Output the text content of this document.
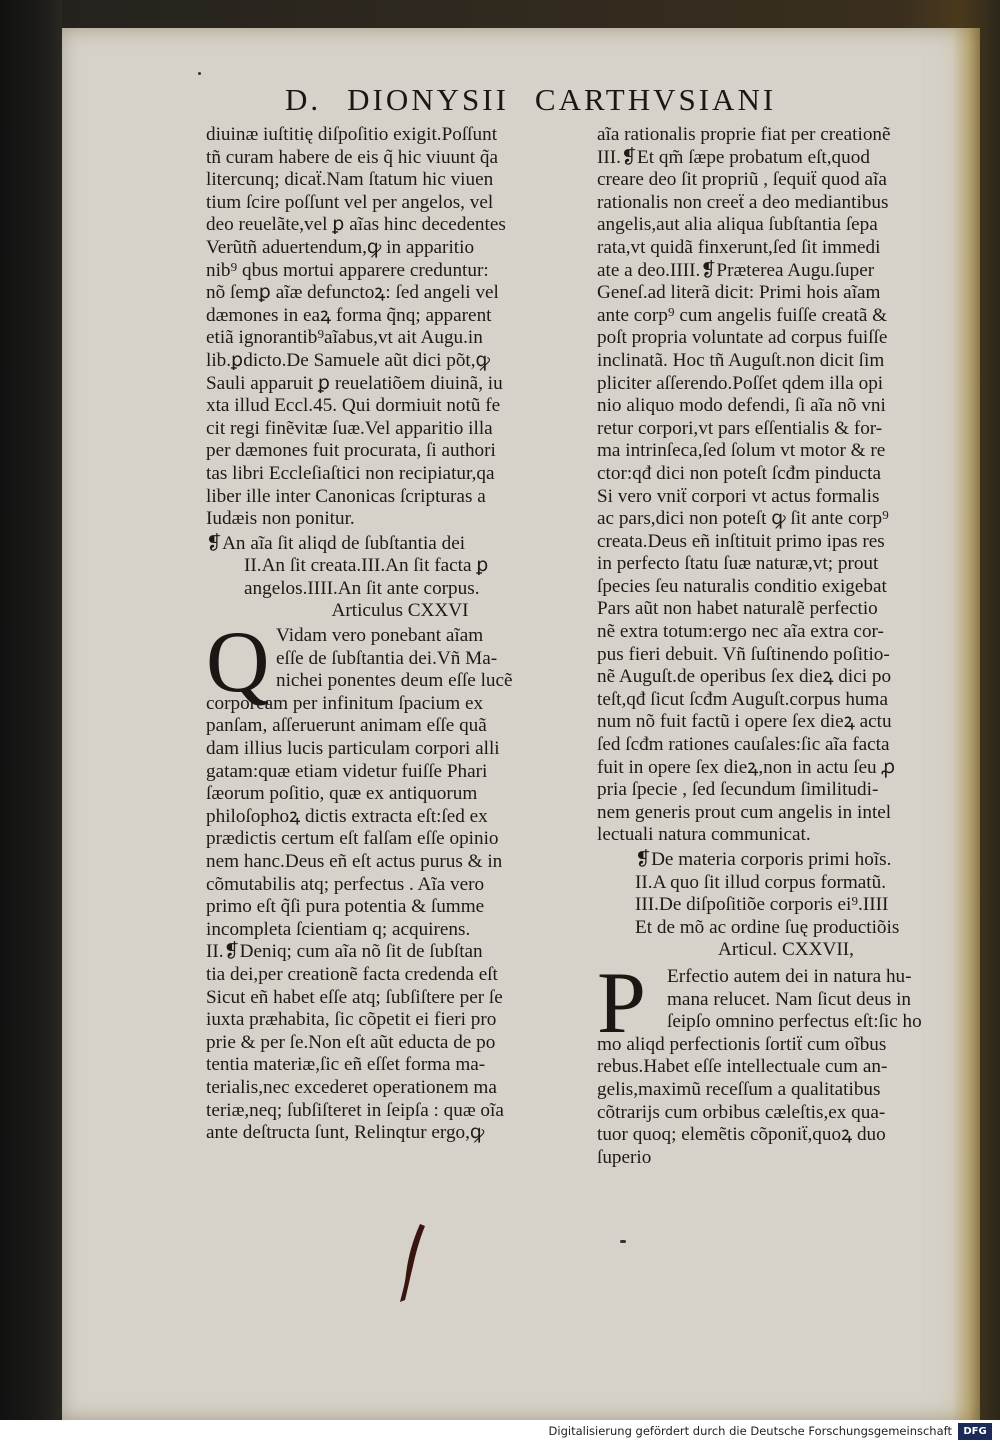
D. DIONYSII CARTHVSIANI
diuinæ iuſtitię diſpoſitio exigit.Poſſunt
tñ curam habere de eis q̃ hic viuunt q̃a
litercunq; dicaẗ.Nam ſtatum hic viuen
tium ſcire poſſunt vel per angelos, vel
deo reuelãte,vel ꝑ aĩas hinc decedentes
Verũtñ aduertendum,ꝙ in apparitio
nib⁹ qbus mortui apparere creduntur:
nõ ſemꝑ aĩæ defunctoꝝ: ſed angeli vel
dæmones in eaꝝ forma q̃nq; apparent
etiã ignorantib⁹aĩabus,vt ait Augu.in
lib.ꝑdicto.De Samuele aũt dici põt,ꝙ
Sauli apparuit ꝑ reuelatiõem diuinã, iu
xta illud Eccl.45. Qui dormiuit notũ fe
cit regi finẽvitæ ſuæ.Vel apparitio illa
per dæmones fuit procurata, ſi authori
tas libri Eccleſiaſtici non recipiatur,qa
liber ille inter Canonicas ſcripturas a
Iudæis non ponitur.
❡An aĩa ſit aliqd de ſubſtantia dei
II.An ſit creata.III.An ſit facta ꝑ
angelos.IIII.An ſit ante corpus.
Articulus CXXVI
Q Vidam vero ponebant aĩam
eſſe de ſubſtantia dei.Vñ Ma-
nichei ponentes deum eſſe lucẽ
corpoream per infinitum ſpacium ex
panſam, aſſeruerunt animam eſſe quã
dam illius lucis particulam corpori alli
gatam:quæ etiam videtur fuiſſe Phari
ſæorum poſitio, quæ ex antiquorum
philoſophoꝝ dictis extracta eſt:ſed ex
prædictis certum eſt falſam eſſe opinio
nem hanc.Deus eñ eſt actus purus & in
cõmutabilis atq; perfectus . Aĩa vero
primo eſt q̃ſi pura potentia & ſumme
incompleta ſcientiam q; acquirens.
II.❡Deniq; cum aĩa nõ ſit de ſubſtan
tia dei,per creationẽ facta credenda eſt
Sicut eñ habet eſſe atq; ſubſiſtere per ſe
iuxta præhabita, ſic cõpetit ei fieri pro
prie & per ſe.Non eſt aũt educta de po
tentia materiæ,ſic eñ eſſet forma ma-
terialis,nec excederet operationem ma
teriæ,neq; ſubſiſteret in ſeipſa : quæ oĩa
ante deſtructa ſunt, Relinqtur ergo,ꝙ
aĩa rationalis proprie fiat per creationẽ
III.❡Et qm̃ ſæpe probatum eſt,quod
creare deo ſit propriũ , ſequiẗ quod aĩa
rationalis non creeẗ a deo mediantibus
angelis,aut alia aliqua ſubſtantia ſepa
rata,vt quidã finxerunt,ſed ſit immedi
ate a deo.IIII.❡Præterea Augu.ſuper
Geneſ.ad literã dicit: Primi hois aĩam
ante corp⁹ cum angelis fuiſſe creatã &
poſt propria voluntate ad corpus fuiſſe
inclinatã. Hoc tñ Auguſt.non dicit ſim
pliciter aſſerendo.Poſſet qdem illa opi
nio aliquo modo defendi, ſi aĩa nõ vni
retur corpori,vt pars eſſentialis & for-
ma intrinſeca,ſed ſolum vt motor & re
ctor:qđ dici non poteſt ſcđm pinducta
Si vero vniẗ corpori vt actus formalis
ac pars,dici non poteſt ꝙ ſit ante corp⁹
creata.Deus eñ inſtituit primo ipas res
in perfecto ſtatu ſuæ naturæ,vt; prout
ſpecies ſeu naturalis conditio exigebat
Pars aũt non habet naturalẽ perfectio
nẽ extra totum:ergo nec aĩa extra cor-
pus fieri debuit. Vñ ſuſtinendo poſitio-
nẽ Auguſt.de operibus ſex dieꝝ dici po
teſt,qđ ſicut ſcđm Auguſt.corpus huma
num nõ fuit factũ i opere ſex dieꝝ actu
ſed ſcđm rationes cauſales:ſic aĩa facta
fuit in opere ſex dieꝝ,non in actu ſeu ꝓ
pria ſpecie , ſed ſecundum ſimilitudi-
nem generis prout cum angelis in intel
lectuali natura communicat.
❡De materia corporis primi hoĩs.
II.A quo ſit illud corpus formatũ.
III.De diſpoſitiõe corporis ei⁹.IIII
Et de mõ ac ordine ſuę productiõis
Articul. CXXVII,
P	Erfectio autem dei in natura hu-
mana relucet. Nam ſicut deus in
ſeipſo omnino perfectus eſt:ſic ho
mo aliqd perfectionis ſortiẗ cum oĩbus
rebus.Habet eſſe intellectuale cum an-
gelis,maximũ receſſum a qualitatibus
cõtrarijs cum orbibus cæleſtis,ex qua-
tuor quoq; elemẽtis cõponiẗ,quoꝝ duo
ſuperio
Digitalisierung gefördert durch die Deutsche Forschungsgemeinschaft	DFG
